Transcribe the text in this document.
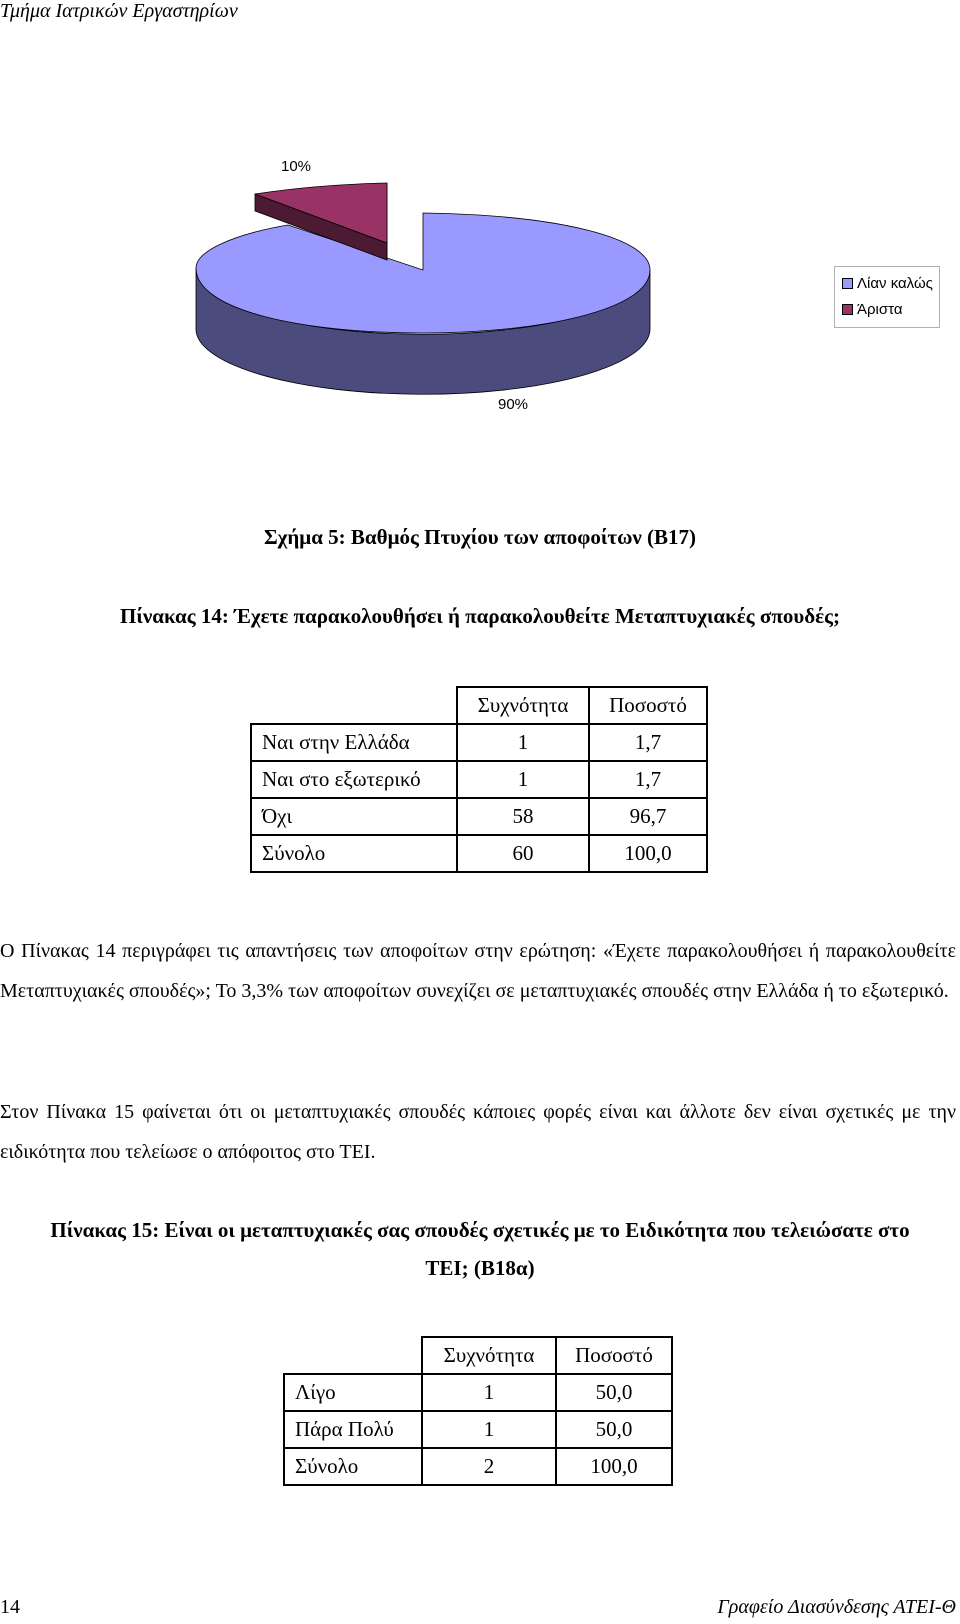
Τμήμα Ιατρικών Εργαστηρίων
10%
90%
Λίαν καλώς
Άριστα
Σχήμα 5: Βαθμός Πτυχίου των αποφοίτων (Β17)
Πίνακας 14: Έχετε παρακολουθήσει ή παρακολουθείτε Μεταπτυχιακές σπουδές;
	Συχνότητα	Ποσοστό
Ναι στην Ελλάδα	1	1,7
Ναι στο εξωτερικό	1	1,7
Όχι	58	96,7
Σύνολο	60	100,0
Ο Πίνακας 14 περιγράφει τις απαντήσεις των αποφοίτων στην ερώτηση: «Έχετε παρακολουθήσει ή παρακολουθείτε Μεταπτυχιακές σπουδές»; Το 3,3% των αποφοίτων συνεχίζει σε μεταπτυχιακές σπουδές στην Ελλάδα ή το εξωτερικό.
Στον Πίνακα 15 φαίνεται ότι οι μεταπτυχιακές σπουδές κάποιες φορές είναι και άλλοτε δεν είναι σχετικές με την ειδικότητα που τελείωσε ο απόφοιτος στο ΤΕΙ.
Πίνακας 15: Είναι οι μεταπτυχιακές σας σπουδές σχετικές με το Ειδικότητα που τελειώσατε στο
ΤΕΙ; (Β18α)
	Συχνότητα	Ποσοστό
Λίγο	1	50,0
Πάρα Πολύ	1	50,0
Σύνολο	2	100,0
14	Γραφείο Διασύνδεσης ΑΤΕΙ-Θ
